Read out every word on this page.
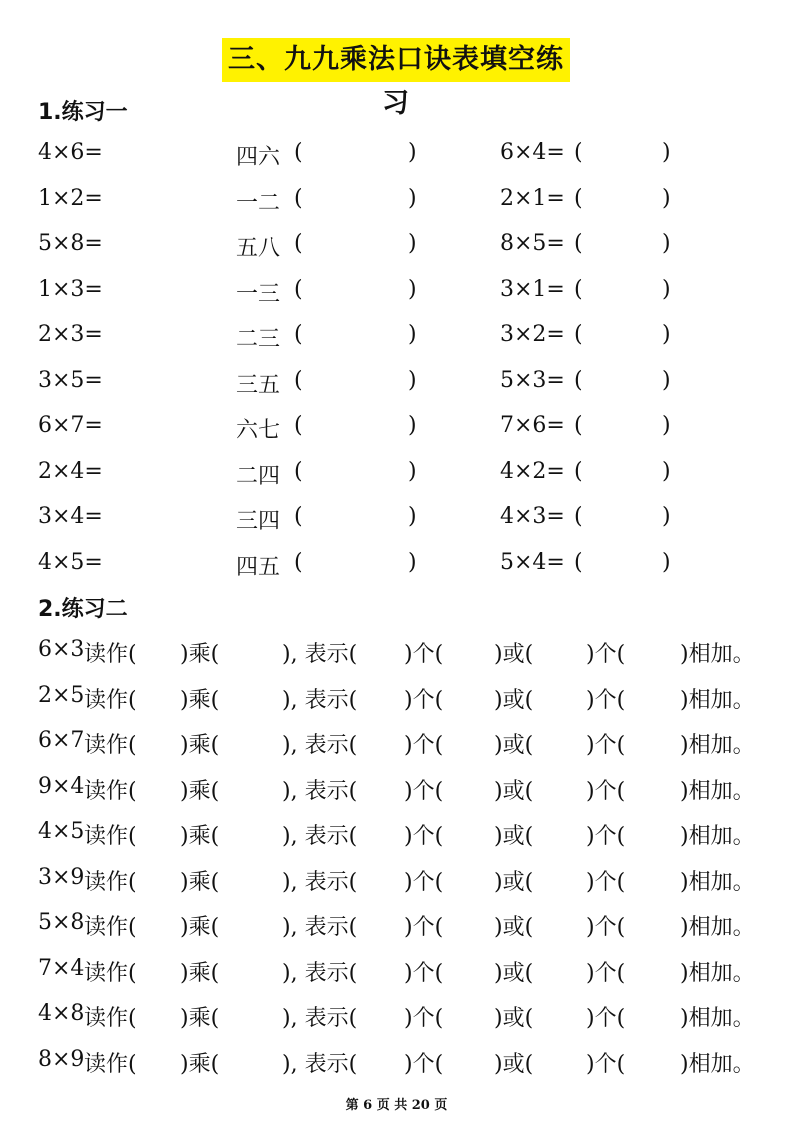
三、九九乘法口诀表填空练习
1.练习一
4×6=	四六 (	)	6×4= (	)
1×2=	一二 (	)	2×1= (	)
5×8=	五八 (	)	8×5= (	)
1×3=	一三 (	)	3×1= (	)
2×3=	二三 (	)	3×2= (	)
3×5=	三五 (	)	5×3= (	)
6×7=	六七 (	)	7×6= (	)
2×4=	二四 (	)	4×2= (	)
3×4=	三四 (	)	4×3= (	)
4×5=	四五 (	)	5×4= (	)
2.练习二
6×3 读作( )乘( ), 表示( )个( )或( )个( )相加。
2×5 读作( )乘( ), 表示( )个( )或( )个( )相加。
6×7 读作( )乘( ), 表示( )个( )或( )个( )相加。
9×4 读作( )乘( ), 表示( )个( )或( )个( )相加。
4×5 读作( )乘( ), 表示( )个( )或( )个( )相加。
3×9 读作( )乘( ), 表示( )个( )或( )个( )相加。
5×8 读作( )乘( ), 表示( )个( )或( )个( )相加。
7×4 读作( )乘( ), 表示( )个( )或( )个( )相加。
4×8 读作( )乘( ), 表示( )个( )或( )个( )相加。
8×9 读作( )乘( ), 表示( )个( )或( )个( )相加。
第 6 页 共 20 页
